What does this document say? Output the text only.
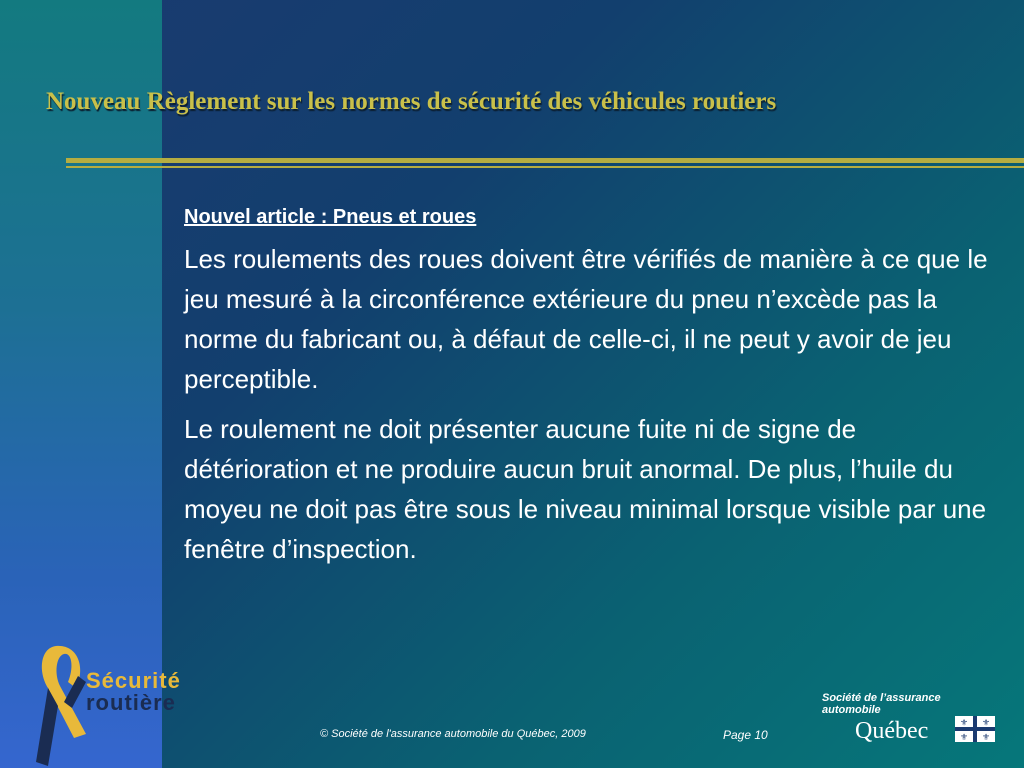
Nouveau Règlement sur les normes de sécurité des véhicules routiers

Nouvel article : Pneus et roues

Les roulements des roues doivent être vérifiés de manière à ce que le jeu mesuré à la circonférence extérieure du pneu n’excède pas la norme du fabricant ou, à défaut de celle-ci, il ne peut y avoir de jeu perceptible.

Le roulement ne doit présenter aucune fuite ni de signe de détérioration et ne produire aucun bruit anormal. De plus, l’huile du moyeu ne doit pas être sous le niveau minimal lorsque visible par une fenêtre d’inspection.

Sécurité
routière
© Société de l'assurance automobile du Québec, 2009	Page 10
Société de l’assurance
automobile
Québec	⚜ ⚜
⚜ ⚜
